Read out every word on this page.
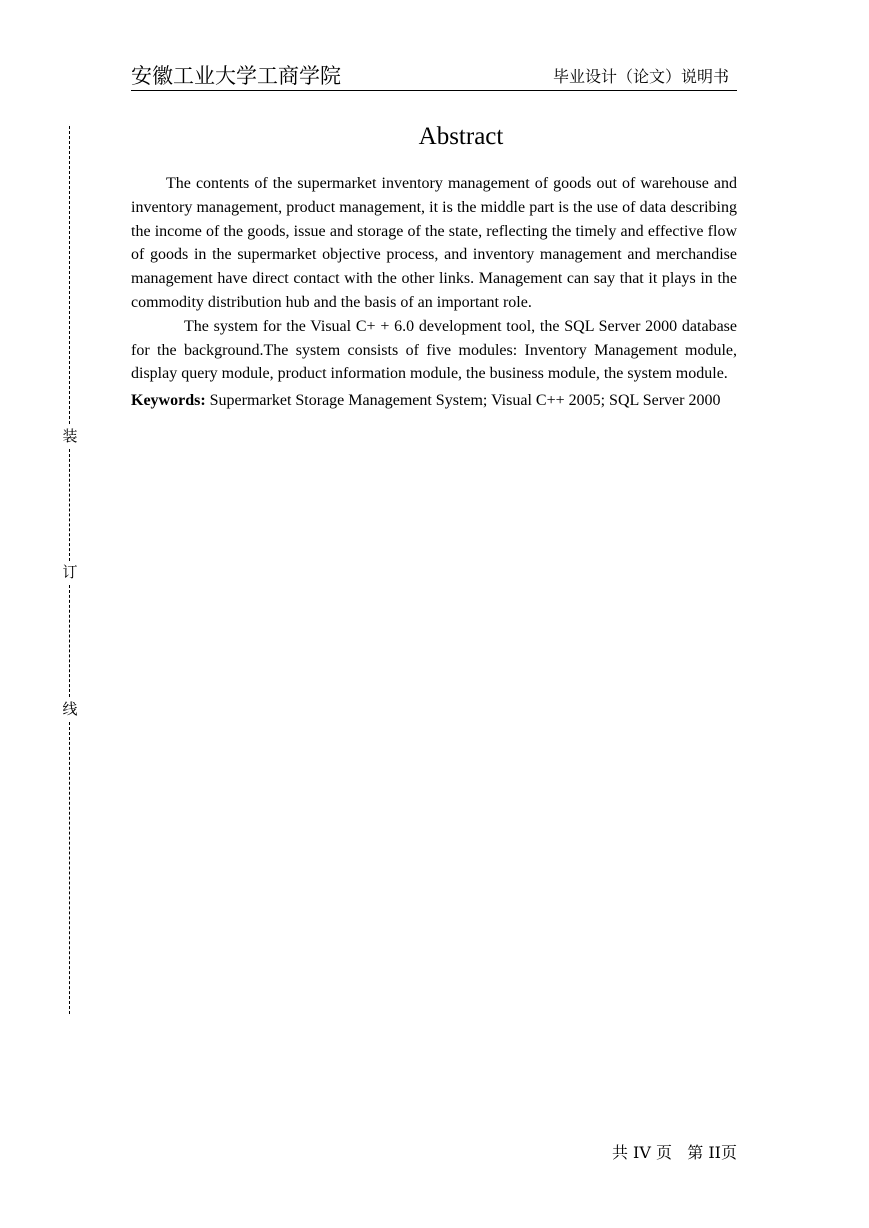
安徽工业大学工商学院	毕业设计（论文）说明书
装
订
线
Abstract

The contents of the supermarket inventory management of goods out of warehouse and inventory management, product management, it is the middle part is the use of data describing the income of the goods, issue and storage of the state, reflecting the timely and effective flow of goods in the supermarket objective process, and inventory management and merchandise management have direct contact with the other links. Management can say that it plays in the commodity distribution hub and the basis of an important role.

The system for the Visual C+ + 6.0 development tool, the SQL Server 2000 database for the background.The system consists of five modules: Inventory Management module, display query module, product information module, the business module, the system module.

Keywords: Supermarket Storage Management System; Visual C++ 2005; SQL Server 2000

共 IV 页   第 II页
